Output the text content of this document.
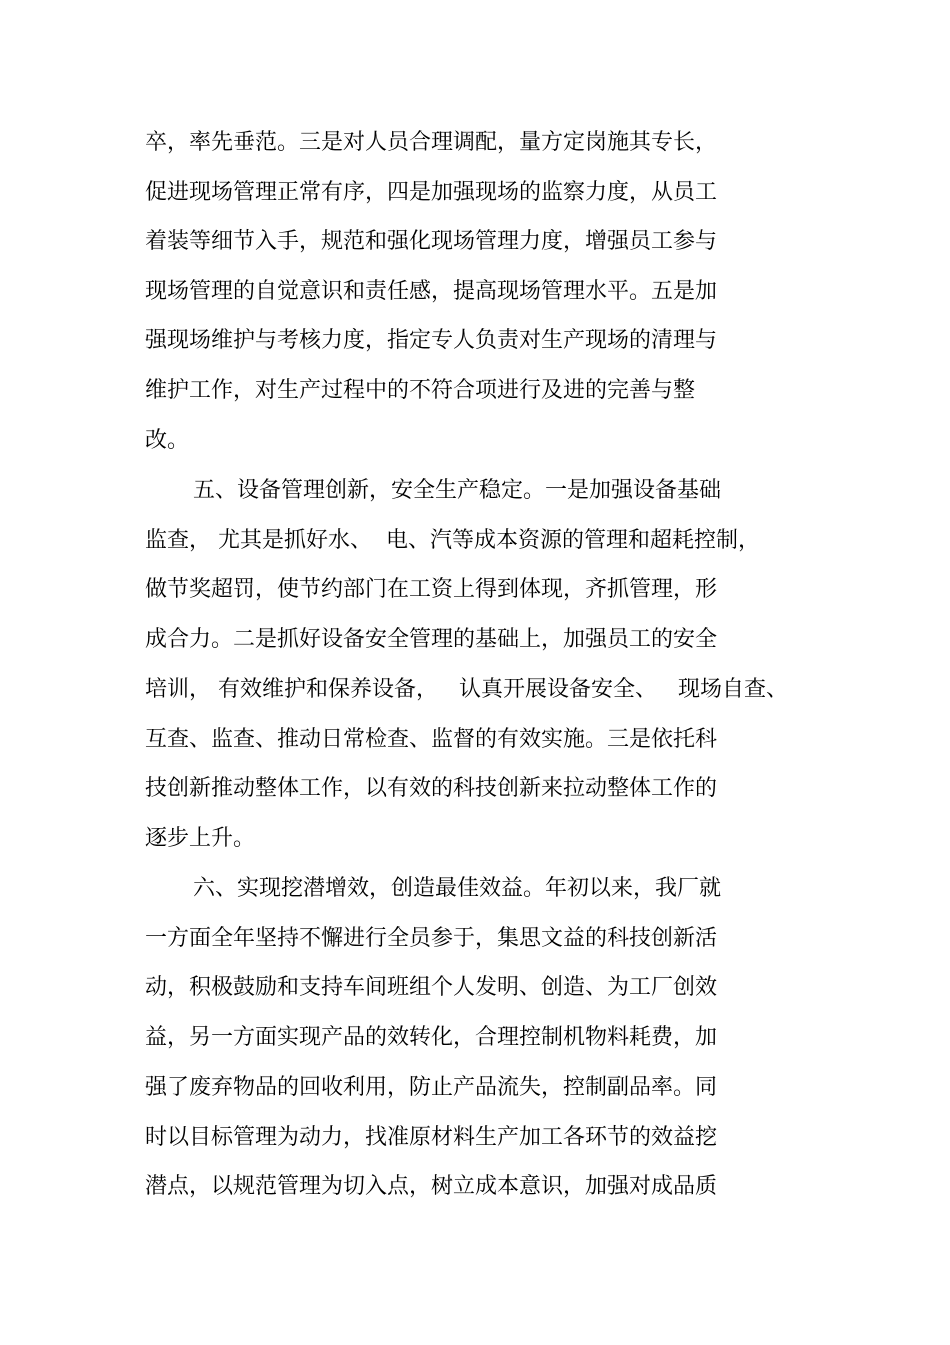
卒，率先垂范。三是对人员合理调配，量方定岗施其专长，
促进现场管理正常有序，四是加强现场的监察力度，从员工
着装等细节入手，规范和强化现场管理力度，增强员工参与
现场管理的自觉意识和责任感，提高现场管理水平。五是加
强现场维护与考核力度，指定专人负责对生产现场的清理与
维护工作，对生产过程中的不符合项进行及进的完善与整
改。
五、设备管理创新，安全生产稳定。一是加强设备基础
监查， 尤其是抓好水、  电、汽等成本资源的管理和超耗控制，
做节奖超罚，使节约部门在工资上得到体现，齐抓管理，形
成合力。二是抓好设备安全管理的基础上，加强员工的安全
培训， 有效维护和保养设备，   认真开展设备安全、   现场自查、
互查、监查、推动日常检查、监督的有效实施。三是依托科
技创新推动整体工作，以有效的科技创新来拉动整体工作的
逐步上升。
六、实现挖潜增效，创造最佳效益。年初以来，我厂就
一方面全年坚持不懈进行全员参于，集思文益的科技创新活
动，积极鼓励和支持车间班组个人发明、创造、为工厂创效
益，另一方面实现产品的效转化，合理控制机物料耗费，加
强了废弃物品的回收利用，防止产品流失，控制副品率。同
时以目标管理为动力，找准原材料生产加工各环节的效益挖
潜点，以规范管理为切入点，树立成本意识，加强对成品质
